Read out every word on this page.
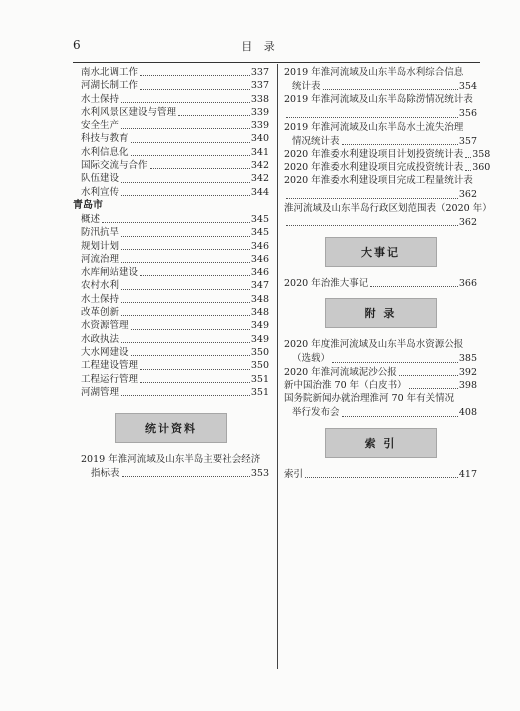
6	目 录
南水北调工作	337
河湖长制工作	337
水土保持	338
水利风景区建设与管理	339
安全生产	339
科技与教育	340
水利信息化	341
国际交流与合作	342
队伍建设	342
水利宣传	344
青岛市
概述	345
防汛抗旱	345
规划计划	346
河流治理	346
水库闸站建设	346
农村水利	347
水土保持	348
改革创新	348
水资源管理	349
水政执法	349
大水网建设	350
工程建设管理	350
工程运行管理	351
河湖管理	351
统计资料
2019 年淮河流域及山东半岛主要社会经济
指标表	353
2019 年淮河流域及山东半岛水利综合信息
统计表	354
2019 年淮河流域及山东半岛除涝情况统计表
356
2019 年淮河流域及山东半岛水土流失治理
情况统计表	357
2020 年淮委水利建设项目计划投资统计表 358
2020 年淮委水利建设项目完成投资统计表 360
2020 年淮委水利建设项目完成工程量统计表
362
淮河流域及山东半岛行政区划范围表（2020 年）
362
大事记
2020 年治淮大事记	366
附 录
2020 年度淮河流域及山东半岛水资源公报
（选载）	385
2020 年淮河流域泥沙公报	392
新中国治淮 70 年（白皮书）	398
国务院新闻办就治理淮河 70 年有关情况
举行发布会	408
索 引
索引	417
